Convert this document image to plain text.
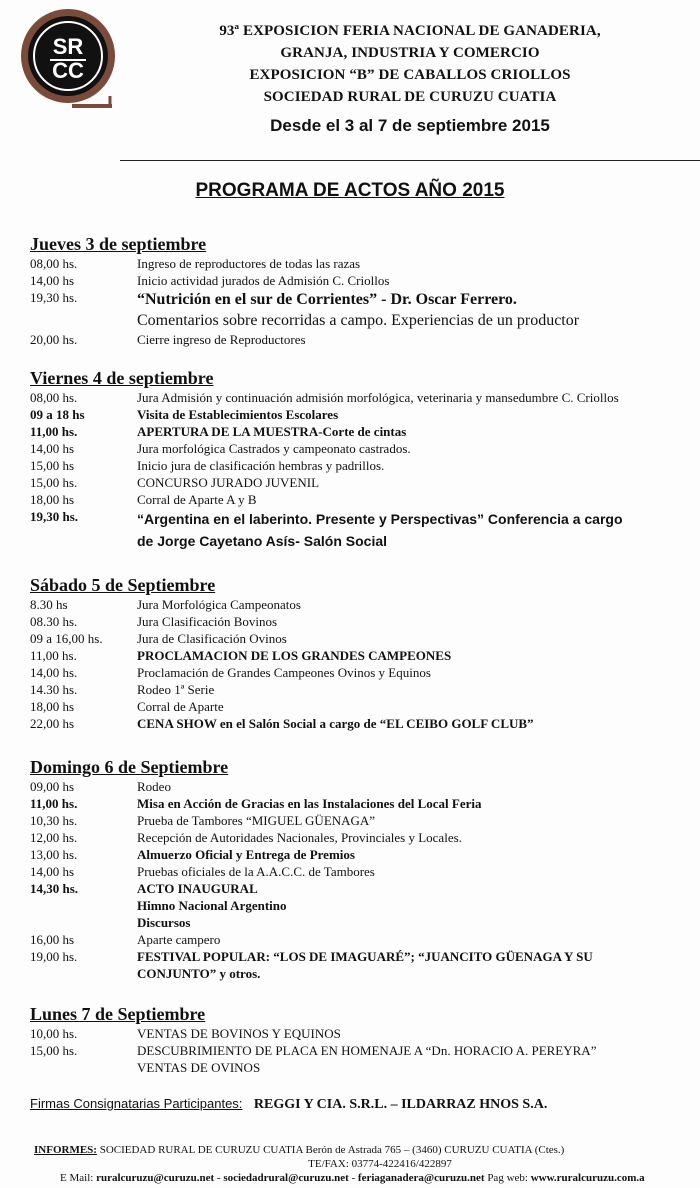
SR
CC
93ª EXPOSICION FERIA NACIONAL DE GANADERIA,
GRANJA, INDUSTRIA Y COMERCIO
EXPOSICION “B” DE CABALLOS CRIOLLOS
SOCIEDAD RURAL DE CURUZU CUATIA
Desde el 3 al 7 de septiembre 2015
PROGRAMA DE ACTOS AÑO 2015
Jueves 3 de septiembre
08,00 hs.	Ingreso de reproductores de todas las razas
14,00 hs	Inicio actividad jurados de Admisión C. Criollos
19,30 hs.	“Nutrición en el sur de Corrientes” - Dr. Oscar Ferrero.
Comentarios sobre recorridas a campo. Experiencias de un productor
20,00 hs.	Cierre ingreso de Reproductores
Viernes 4 de septiembre
08,00 hs.	Jura Admisión y continuación admisión morfológica, veterinaria y mansedumbre C. Criollos
09 a 18 hs	Visita de Establecimientos Escolares
11,00 hs.	APERTURA DE LA MUESTRA-Corte de cintas
14,00 hs	Jura morfológica Castrados y campeonato castrados.
15,00 hs	Inicio jura de clasificación hembras y padrillos.
15,00 hs.	CONCURSO JURADO JUVENIL
18,00 hs	Corral de Aparte A y B
19,30 hs.	“Argentina en el laberinto. Presente y Perspectivas” Conferencia a cargo
de Jorge Cayetano Asís- Salón Social
Sábado 5 de Septiembre
8.30 hs	Jura Morfológica Campeonatos
08.30 hs.	Jura Clasificación Bovinos
09 a 16,00 hs.	Jura de Clasificación Ovinos
11,00 hs.	PROCLAMACION DE LOS GRANDES CAMPEONES
14,00 hs.	Proclamación de Grandes Campeones Ovinos y Equinos
14.30 hs.	Rodeo 1ª Serie
18,00 hs	Corral de Aparte
22,00 hs	CENA SHOW en el Salón Social a cargo de “EL CEIBO GOLF CLUB”
Domingo 6 de Septiembre
09,00 hs	Rodeo
11,00 hs.	Misa en Acción de Gracias en las Instalaciones del Local Feria
10,30 hs.	Prueba de Tambores “MIGUEL GÜENAGA”
12,00 hs.	Recepción de Autoridades Nacionales, Provinciales y Locales.
13,00 hs.	Almuerzo Oficial y Entrega de Premios
14,00 hs	Pruebas oficiales de la A.A.C.C. de Tambores
14,30 hs.	ACTO INAUGURAL
Himno Nacional Argentino
Discursos
16,00 hs	Aparte campero
19,00 hs.	FESTIVAL POPULAR: “LOS DE IMAGUARÉ”; “JUANCITO GÜENAGA Y SU
CONJUNTO” y otros.
Lunes 7 de Septiembre
10,00 hs.	VENTAS DE BOVINOS Y EQUINOS
15,00 hs.	DESCUBRIMIENTO DE PLACA EN HOMENAJE A “Dn. HORACIO A. PEREYRA”
VENTAS DE OVINOS
Firmas Consignatarias Participantes: REGGI Y CIA. S.R.L. – ILDARRAZ HNOS S.A.
INFORMES: SOCIEDAD RURAL DE CURUZU CUATIA Berón de Astrada 765 – (3460) CURUZU CUATIA (Ctes.)
TE/FAX: 03774-422416/422897
E Mail: ruralcuruzu@curuzu.net - sociedadrural@curuzu.net - feriaganadera@curuzu.net Pag web: www.ruralcuruzu.com.a
